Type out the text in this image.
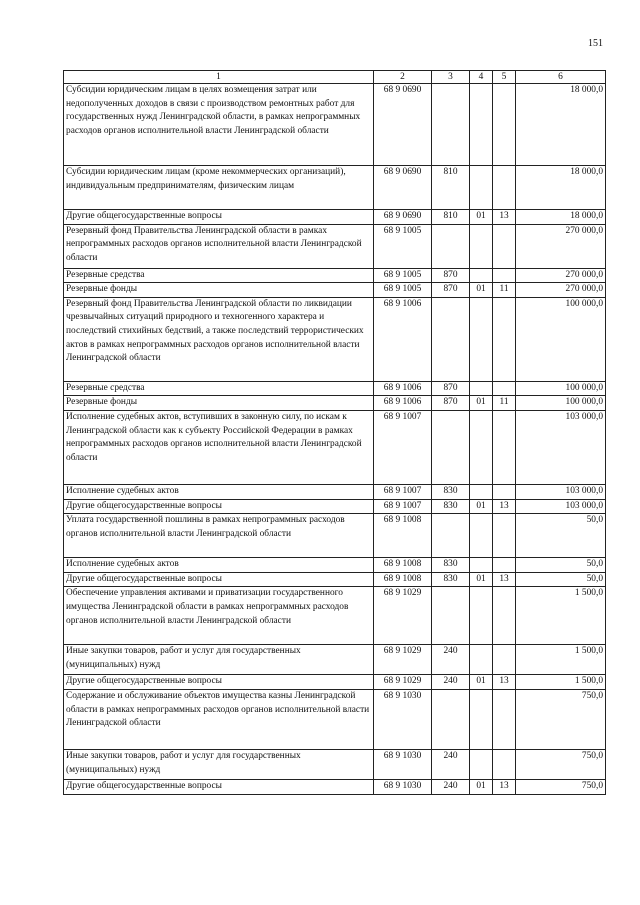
151
1	2	3	4	5	6
Субсидии юридическим лицам в целях возмещения затрат или недополученных доходов в связи с производством ремонтных работ для государственных нужд Ленинградской области, в рамках непрограммных расходов органов исполнительной власти Ленинградской области	68 9 0690				18 000,0
Субсидии юридическим лицам (кроме некоммерческих организаций), индивидуальным предпринимателям, физическим лицам	68 9 0690	810			18 000,0
Другие общегосударственные вопросы	68 9 0690	810	01	13	18 000,0
Резервный фонд Правительства Ленинградской области в рамках непрограммных расходов органов исполнительной власти Ленинградской области	68 9 1005				270 000,0
Резервные средства	68 9 1005	870			270 000,0
Резервные фонды	68 9 1005	870	01	11	270 000,0
Резервный фонд Правительства Ленинградской области по ликвидации чрезвычайных ситуаций природного и техногенного характера и последствий стихийных бедствий, а также последствий террористических актов в рамках непрограммных расходов органов исполнительной власти Ленинградской области	68 9 1006				100 000,0
Резервные средства	68 9 1006	870			100 000,0
Резервные фонды	68 9 1006	870	01	11	100 000,0
Исполнение судебных актов, вступивших в законную силу, по искам к Ленинградской области как к субъекту Российской Федерации в рамках непрограммных расходов органов исполнительной власти Ленинградской области	68 9 1007				103 000,0
Исполнение судебных актов	68 9 1007	830			103 000,0
Другие общегосударственные вопросы	68 9 1007	830	01	13	103 000,0
Уплата государственной пошлины в рамках непрограммных расходов органов исполнительной власти Ленинградской области	68 9 1008				50,0
Исполнение судебных актов	68 9 1008	830			50,0
Другие общегосударственные вопросы	68 9 1008	830	01	13	50,0
Обеспечение управления активами и приватизации государственного имущества Ленинградской области в рамках непрограммных расходов органов исполнительной власти Ленинградской области	68 9 1029				1 500,0
Иные закупки товаров, работ и услуг для государственных (муниципальных) нужд	68 9 1029	240			1 500,0
Другие общегосударственные вопросы	68 9 1029	240	01	13	1 500,0
Содержание и обслуживание объектов имущества казны Ленинградской области в рамках непрограммных расходов органов исполнительной власти Ленинградской области	68 9 1030				750,0
Иные закупки товаров, работ и услуг для государственных (муниципальных) нужд	68 9 1030	240			750,0
Другие общегосударственные вопросы	68 9 1030	240	01	13	750,0
